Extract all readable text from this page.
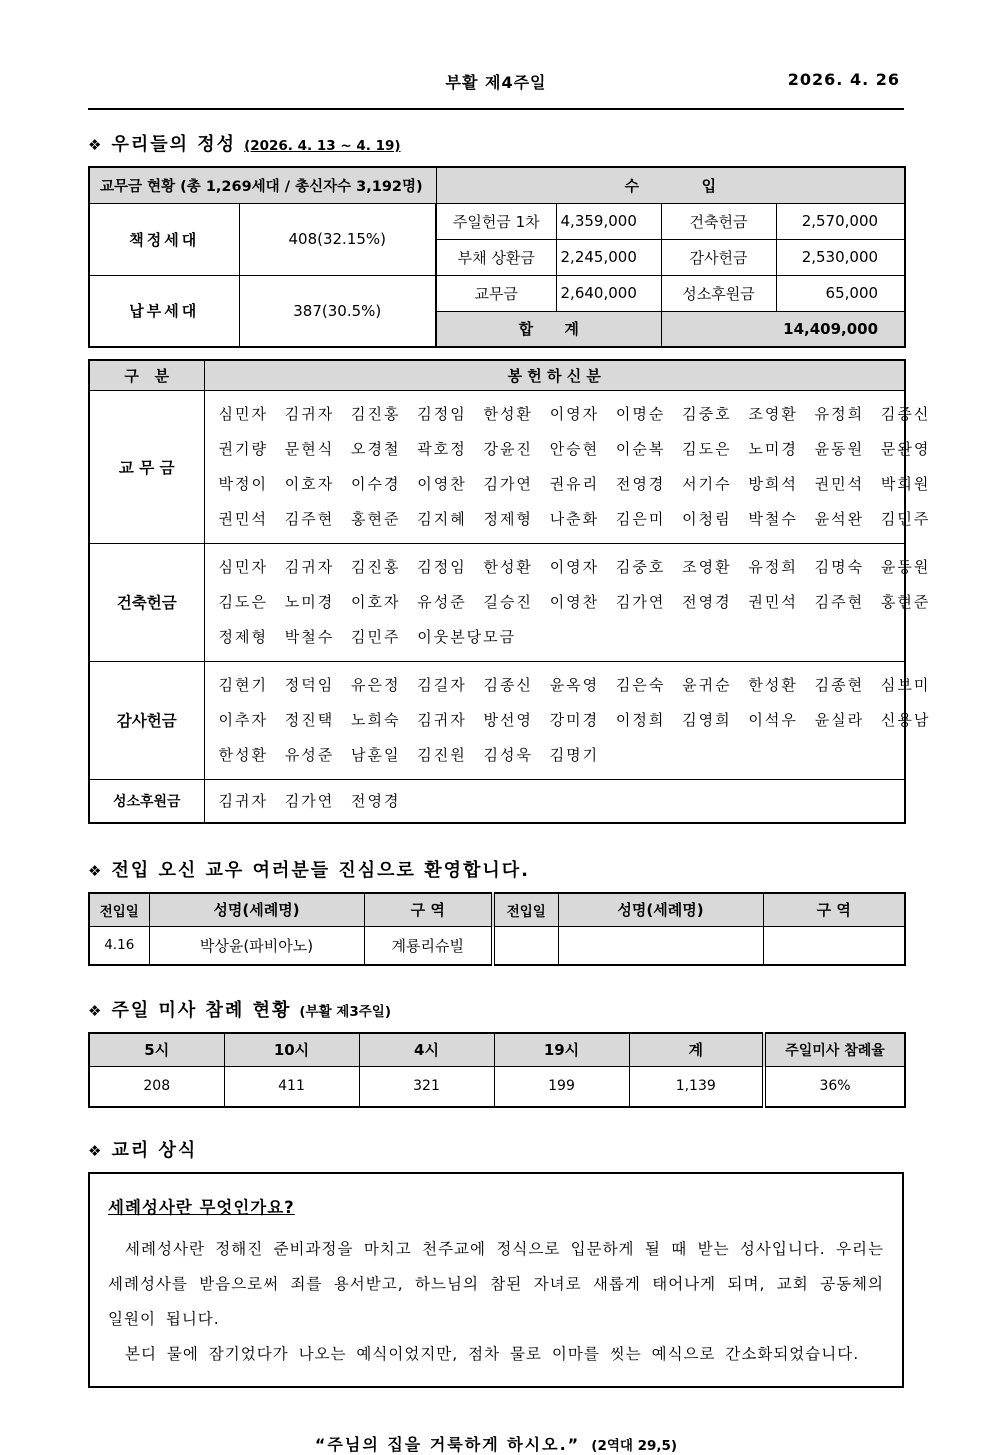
부활 제4주일	2026. 4. 26
❖ 우리들의 정성 (2026. 4. 13 ~ 4. 19)
교무금 현황 (총 1,269세대 / 총신자수 3,192명)		수            입			
책정세대	408(32.15%)	주일헌금 1차	4,359,000	건축헌금	2,570,000
		부채 상환금	2,245,000	감사헌금	2,530,000
납부세대	387(30.5%)	교무금	2,640,000	성소후원금	65,000
		합      계		14,409,000	
구   분	봉 헌 하 신 분
교 무 금	심민자 김귀자 김진홍 김정임 한성환 이영자 이명순 김중호 조영환 유정희 김종신
권기량 문현식 오경철 곽호정 강윤진 안승현 이순복 김도은 노미경 윤동원 문완영
박정이 이호자 이수경 이영찬 김가연 권유리 전영경 서기수 방희석 권민석 박희원
권민석 김주현 홍현준 김지혜 정제형 나춘화 김은미 이청림 박철수 윤석완 김민주

건축헌금	심민자 김귀자 김진홍 김정임 한성환 이영자 김중호 조영환 유정희 김명숙 윤동원
김도은 노미경 이호자 유성준 길승진 이영찬 김가연 전영경 권민석 김주현 홍현준
정제형 박철수 김민주 이웃본당모금

감사헌금	김현기 정덕임 유은정 김길자 김종신 윤옥영 김은숙 윤귀순 한성환 김종현 심보미
이추자 정진택 노희숙 김귀자 방선영 강미경 이정희 김영희 이석우 윤실라 신용남
한성환 유성준 남훈일 김진원 김성욱 김명기

성소후원금	김귀자 김가연 전영경
❖ 전입 오신 교우 여러분들 진심으로 환영합니다.
전입일	성명(세례명)	구 역	전입일	성명(세례명)	구 역
4.16	박상윤(파비아노)	계룡리슈빌			
❖ 주일 미사 참례 현황 (부활 제3주일)
5시	10시	4시	19시	계	주일미사 참례율
208	411	321	199	1,139	36%
❖ 교리 상식
세례성사란 무엇인가요?

세례성사란 정해진 준비과정을 마치고 천주교에 정식으로 입문하게 될 때 받는 성사입니다. 우리는 세례성사를 받음으로써 죄를 용서받고, 하느님의 참된 자녀로 새롭게 태어나게 되며, 교회 공동체의 일원이 됩니다.

본디 물에 잠기었다가 나오는 예식이었지만, 점차 물로 이마를 씻는 예식으로 간소화되었습니다.

“주님의 집을 거룩하게 하시오.” (2역대 29,5)
